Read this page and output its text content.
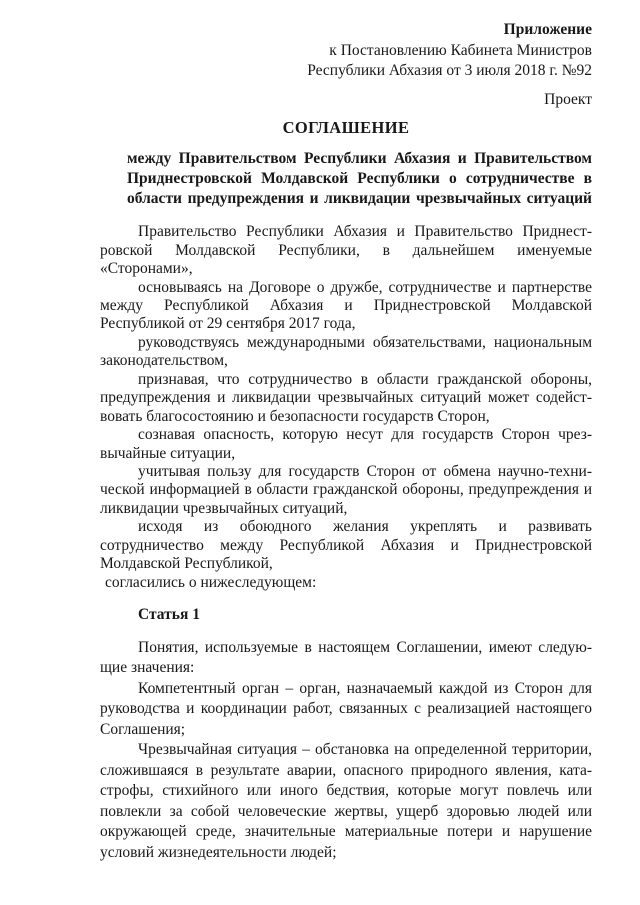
Приложение
к Постановлению Кабинета Министров
Республики Абхазия от 3 июля 2018 г. №92
Проект
СОГЛАШЕНИЕ
между Правительством Республики Абхазия и Правительством Приднестровской Молдавской Республики о сотрудничестве в области предупреждения и ликвидации чрезвычайных ситуаций

Правительство Республики Абхазия и Правительство Приднестровской Молдавской Республики, в дальнейшем именуемые «Сторонами»,

основываясь на Договоре о дружбе, сотрудничестве и партнерстве между Республикой Абхазия и Приднестровской Молдавской Республикой от 29 сентября 2017 года,

руководствуясь международными обязательствами, национальным законодательством,

признавая, что сотрудничество в области гражданской обороны, предупреждения и ликвидации чрезвычайных ситуаций может содействовать благосостоянию и безопасности государств Сторон,

сознавая опасность, которую несут для государств Сторон чрезвычайные ситуации,

учитывая пользу для государств Сторон от обмена научно-технической информацией в области гражданской обороны, предупреждения и ликвидации чрезвычайных ситуаций,

исходя из обоюдного желания укреплять и развивать сотрудничество между Республикой Абхазия и Приднестровской Молдавской Республикой,

согласились о нижеследующем:

Статья 1

Понятия, используемые в настоящем Соглашении, имеют следующие значения:

Компетентный орган – орган, назначаемый каждой из Сторон для руководства и координации работ, связанных с реализацией настоящего Соглашения;

Чрезвычайная ситуация – обстановка на определенной территории, сложившаяся в результате аварии, опасного природного явления, катастрофы, стихийного или иного бедствия, которые могут повлечь или повлекли за собой человеческие жертвы, ущерб здоровью людей или окружающей среде, значительные материальные потери и нарушение условий жизнедеятельности людей;
